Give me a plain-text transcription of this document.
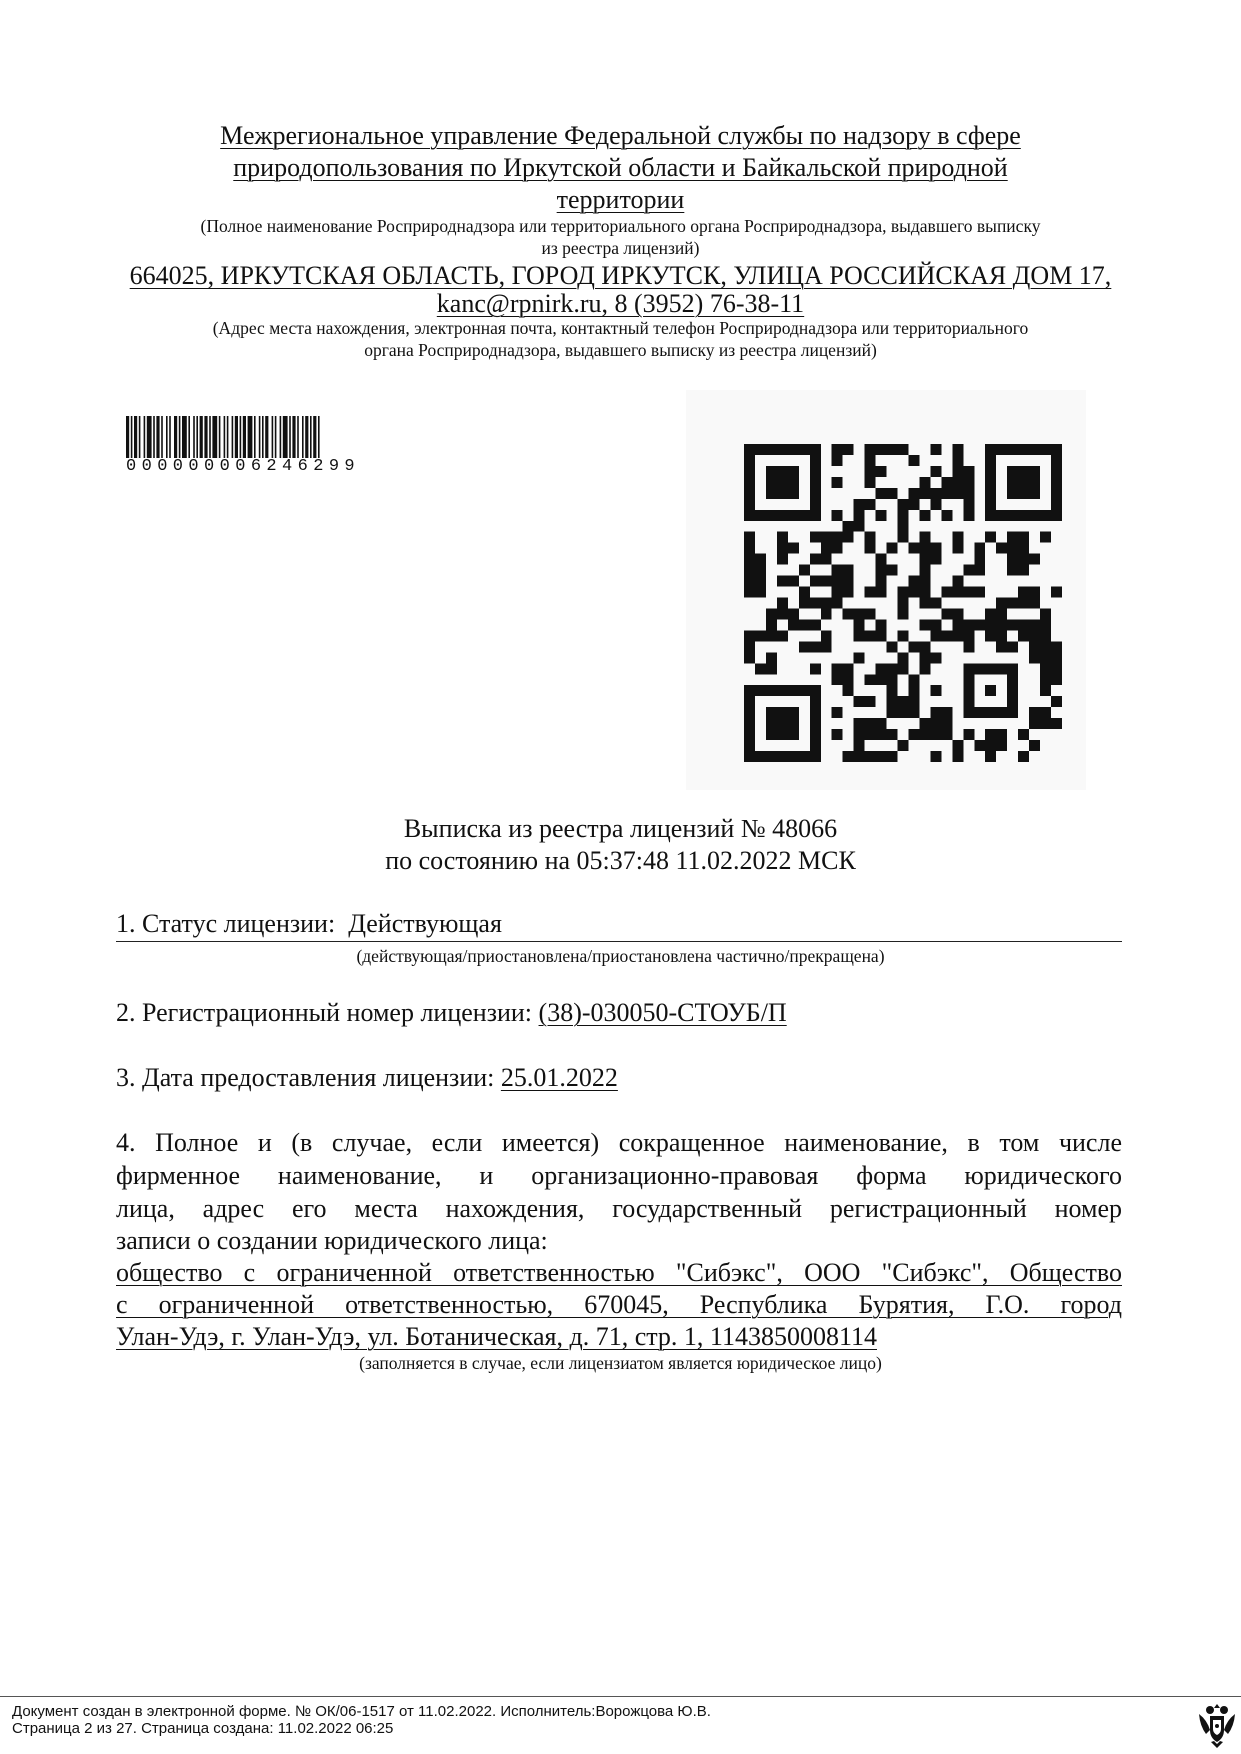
Межрегиональное управление Федеральной службы по надзору в сфере
природопользования по Иркутской области и Байкальской природной
территории
(Полное наименование Росприроднадзора или территориального органа Росприроднадзора, выдавшего выписку
из реестра лицензий)
664025, ИРКУТСКАЯ ОБЛАСТЬ, ГОРОД ИРКУТСК, УЛИЦА РОССИЙСКАЯ ДОМ 17,
kanc@rpnirk.ru, 8 (3952) 76-38-11
(Адрес места нахождения, электронная почта, контактный телефон Росприроднадзора или территориального
органа Росприроднадзора, выдавшего выписку из реестра лицензий)
000000006246299
Выписка из реестра лицензий № 48066
по состоянию на 05:37:48 11.02.2022 МСК
1. Статус лицензии: Действующая
(действующая/приостановлена/приостановлена частично/прекращена)
2. Регистрационный номер лицензии: (38)-030050-СТОУБ/П
3. Дата предоставления лицензии: 25.01.2022
4. Полное и (в случае, если имеется) сокращенное наименование, в том числе
фирменное наименование, и организационно-правовая форма юридического
лица, адрес его места нахождения, государственный регистрационный номер
записи о создании юридического лица:
общество с ограниченной ответственностью "Сибэкс", ООО "Сибэкс", Общество
с ограниченной ответственностью, 670045, Республика Бурятия, Г.О. город
Улан-Удэ, г. Улан-Удэ, ул. Ботаническая, д. 71, стр. 1, 1143850008114
(заполняется в случае, если лицензиатом является юридическое лицо)
Документ создан в электронной форме. № ОК/06-1517 от 11.02.2022. Исполнитель:Ворожцова Ю.В.
Страница 2 из 27. Страница создана: 11.02.2022 06:25
